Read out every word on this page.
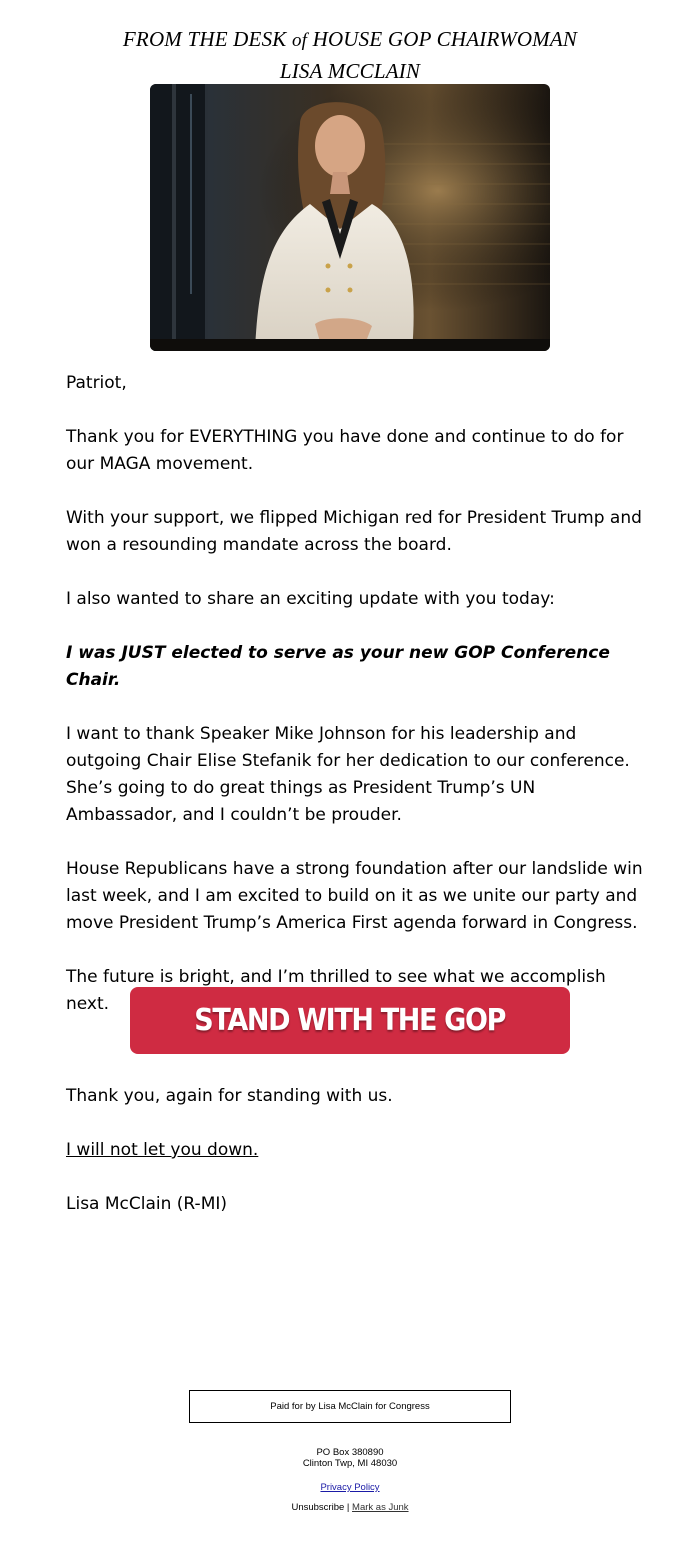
FROM THE DESK of HOUSE GOP CHAIRWOMAN
LISA MCCLAIN

Patriot,

Thank you for EVERYTHING you have done and continue to do for our MAGA movement.

With your support, we flipped Michigan red for President Trump and won a resounding mandate across the board.

I also wanted to share an exciting update with you today:

I was JUST elected to serve as your new GOP Conference Chair.

I want to thank Speaker Mike Johnson for his leadership and outgoing Chair Elise Stefanik for her dedication to our conference. She’s going to do great things as President Trump’s UN Ambassador, and I couldn’t be prouder.

House Republicans have a strong foundation after our landslide win last week, and I am excited to build on it as we unite our party and move President Trump’s America First agenda forward in Congress.

The future is bright, and I’m thrilled to see what we accomplish next.	STAND WITH THE GOP

Thank you, again for standing with us.

I will not let you down.

Lisa McClain (R-MI)

Paid for by Lisa McClain for Congress
PO Box 380890
Clinton Twp, MI 48030
Privacy Policy
Unsubscribe | Mark as Junk
